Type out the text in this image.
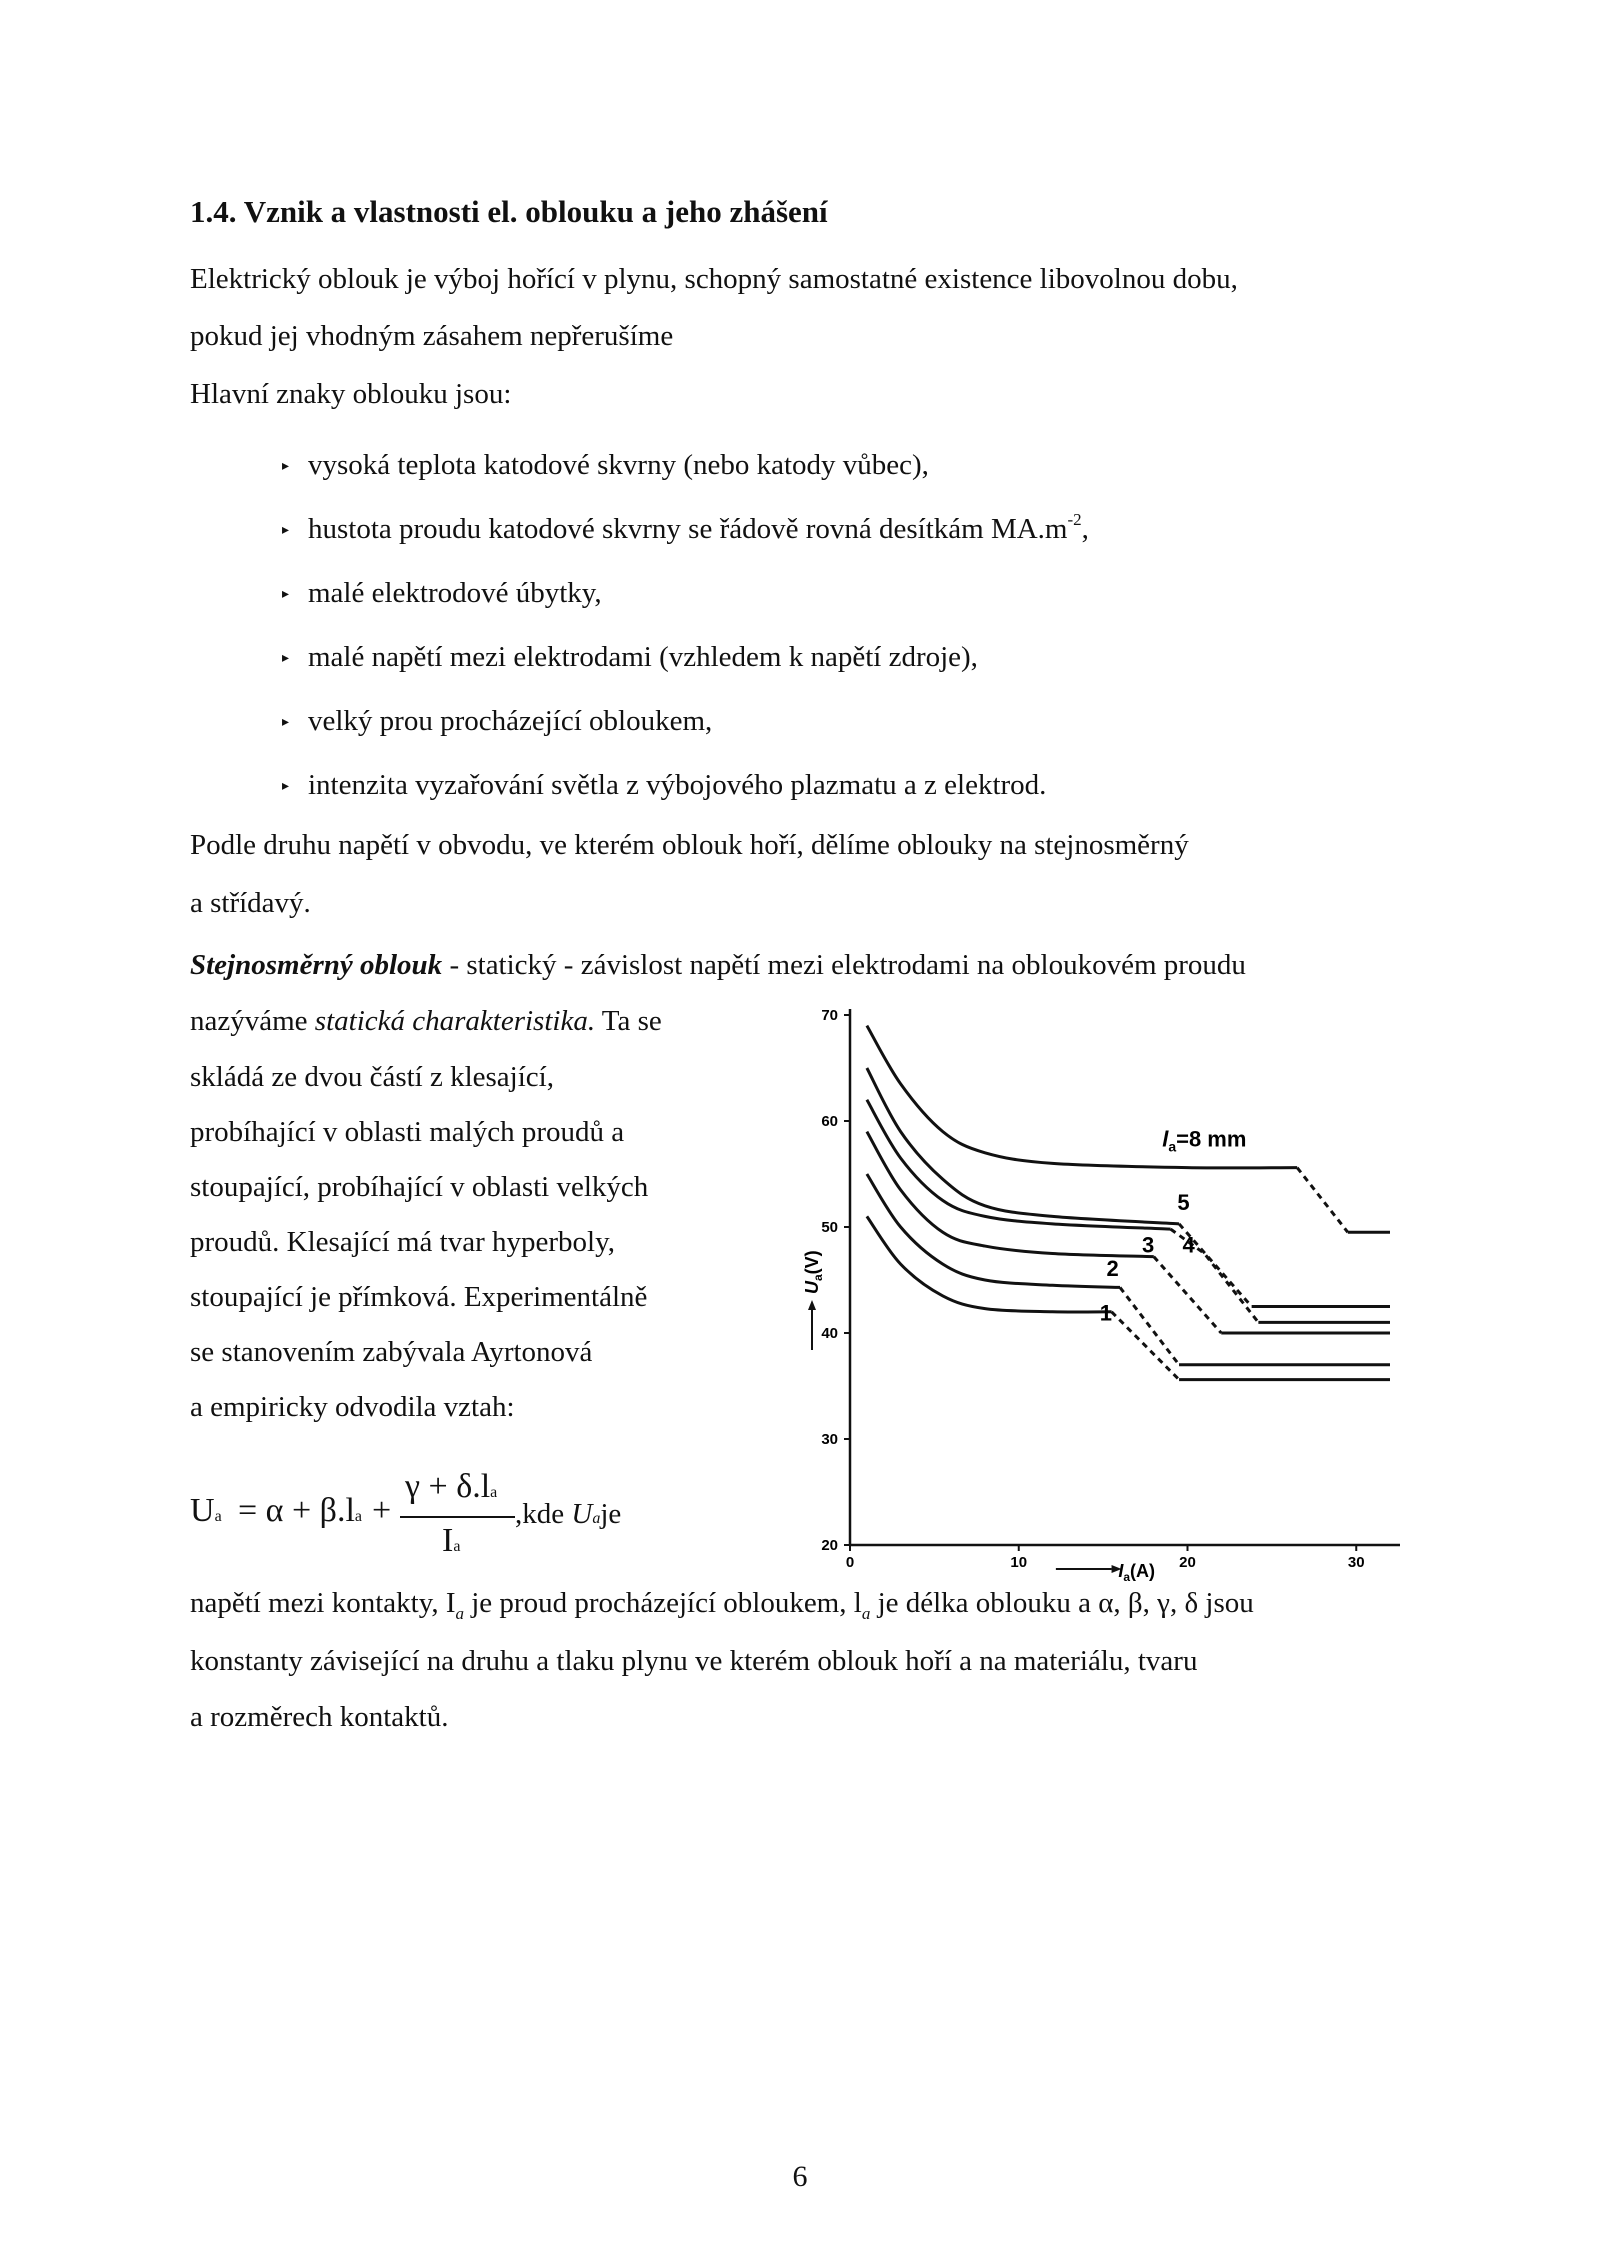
1.4. Vznik a vlastnosti el. oblouku a jeho zhášení
Elektrický oblouk je výboj hořící v plynu, schopný samostatné existence libovolnou dobu,
pokud jej vhodným zásahem nepřerušíme
Hlavní znaky oblouku jsou:
▸ vysoká teplota katodové skvrny (nebo katody vůbec),
▸ hustota proudu katodové skvrny se řádově rovná desítkám $MA.m^{-2}$,
▸ malé elektrodové úbytky,
▸ malé napětí mezi elektrodami (vzhledem k napětí zdroje),
▸ velký prou procházející obloukem,
▸ intenzita vyzařování světla z výbojového plazmatu a z elektrod.
Podle druhu napětí v obvodu, ve kterém oblouk hoří, dělíme oblouky na stejnosměrný
a střídavý.
Stejnosměrný oblouk - statický - závislost napětí mezi elektrodami na obloukovém proudu
nazýváme statická charakteristika. Ta se
skládá ze dvou částí z klesající,
probíhající v oblasti malých proudů a
stoupající, probíhající v oblasti velkých
proudů. Klesající má tvar hyperboly,
stoupající je přímková. Experimentálně
se stanovením zabývala Ayrtonová
a empiricky odvodila vztah:
Ua = α + β.la +
γ + δ.la
Ia
,kde Uaje
20
30
40
50
60
70
0	10	20	30
$I_a(A)$
$U_a(V)$
$l_a=8$ mm
5
4
3
2
1
napětí mezi kontakty, $I_a$ je proud procházející obloukem, $l_a$ je délka oblouku a α, β, γ, δ jsou
konstanty závisející na druhu a tlaku plynu ve kterém oblouk hoří a na materiálu, tvaru
a rozměrech kontaktů.
6
